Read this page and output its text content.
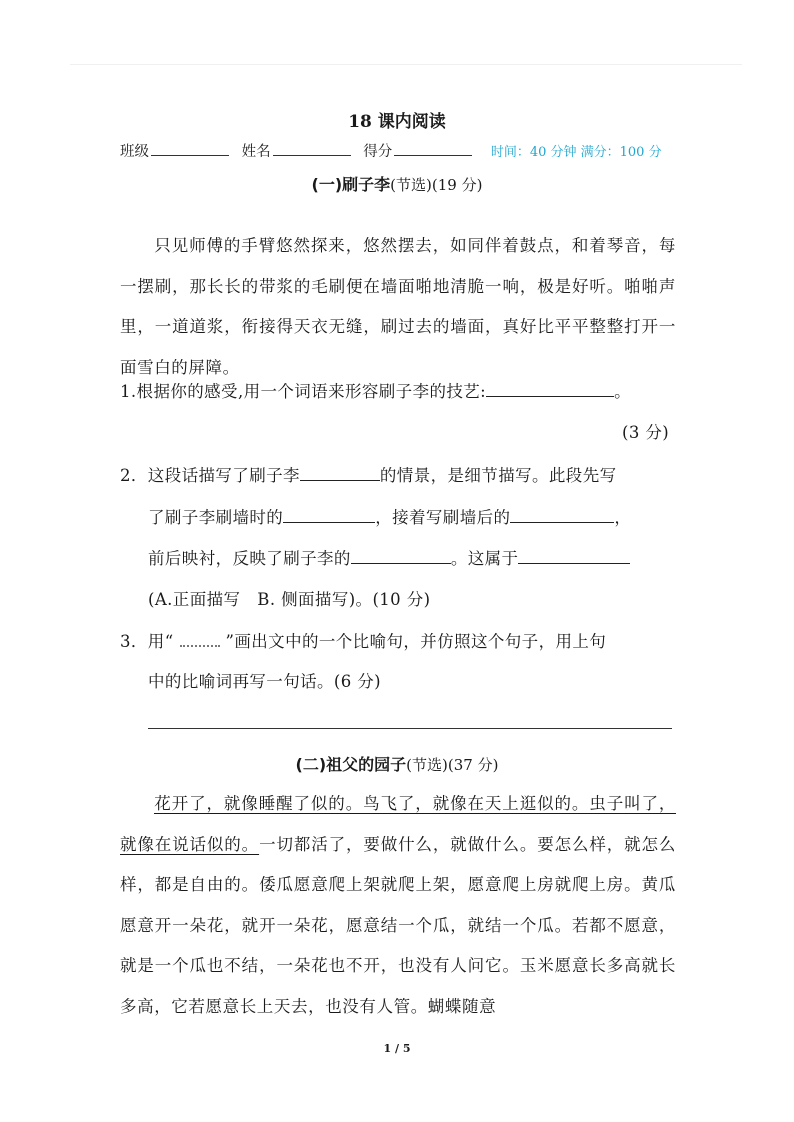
18 课内阅读
班级	姓名	得分	时间：40 分钟 满分：100 分
(一)刷子李(节选)(19 分)
只见师傅的手臂悠然探来，悠然摆去，如同伴着鼓点，和着琴音，每一摆刷，那长长的带浆的毛刷便在墙面啪地清脆一响，极是好听。啪啪声里，一道道浆，衔接得天衣无缝，刷过去的墙面，真好比平平整整打开一面雪白的屏障。
1.根据你的感受,用一个词语来形容刷子李的技艺:	。
(3 分)
2．这段话描写了刷子李	的情景，是细节描写。此段先写
了刷子李刷墙时的	，接着写刷墙后的	，
前后映衬，反映了刷子李的	。这属于
(A.正面描写　B. 侧面描写)。(10 分)
3．用“	”画出文中的一个比喻句，并仿照这个句子，用上句
中的比喻词再写一句话。(6 分)
(二)祖父的园子(节选)(37 分)
花开了，就像睡醒了似的。鸟飞了，就像在天上逛似的。虫子叫了，就像在说话似的。一切都活了，要做什么，就做什么。要怎么样，就怎么样，都是自由的。倭瓜愿意爬上架就爬上架，愿意爬上房就爬上房。黄瓜愿意开一朵花，就开一朵花，愿意结一个瓜，就结一个瓜。若都不愿意，就是一个瓜也不结，一朵花也不开，也没有人问它。玉米愿意长多高就长多高，它若愿意长上天去，也没有人管。蝴蝶随意
1 / 5
